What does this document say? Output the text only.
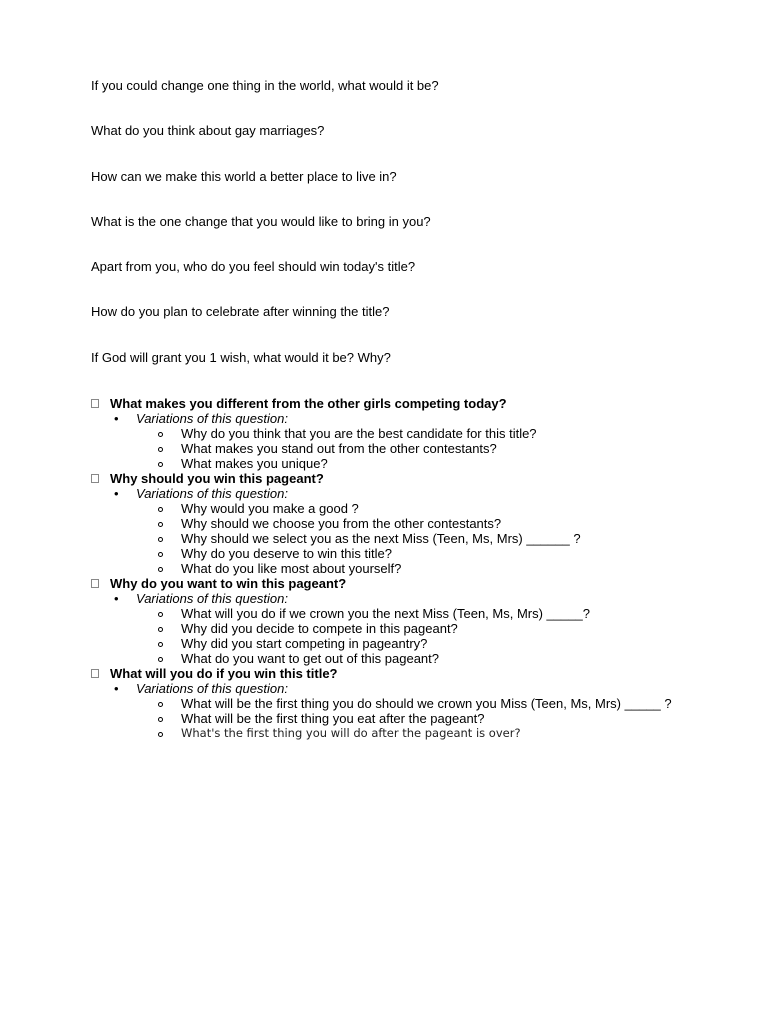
If you could change one thing in the world, what would it be?
What do you think about gay marriages?
How can we make this world a better place to live in?
What is the one change that you would like to bring in you?
Apart from you, who do you feel should win today's title?
How do you plan to celebrate after winning the title?
If God will grant you 1 wish, what would it be? Why?
What makes you different from the other girls competing today?
• Variations of this question:
Why do you think that you are the best candidate for this title?
What makes you stand out from the other contestants?
What makes you unique?
Why should you win this pageant?
• Variations of this question:
Why would you make a good ?
Why should we choose you from the other contestants?
Why should we select you as the next Miss (Teen, Ms, Mrs) ______ ?
Why do you deserve to win this title?
What do you like most about yourself?
Why do you want to win this pageant?
• Variations of this question:
What will you do if we crown you the next Miss (Teen, Ms, Mrs) _____?
Why did you decide to compete in this pageant?
Why did you start competing in pageantry?
What do you want to get out of this pageant?
What will you do if you win this title?
• Variations of this question:
What will be the first thing you do should we crown you Miss (Teen, Ms, Mrs) _____ ?
What will be the first thing you eat after the pageant?
What's the first thing you will do after the pageant is over?
